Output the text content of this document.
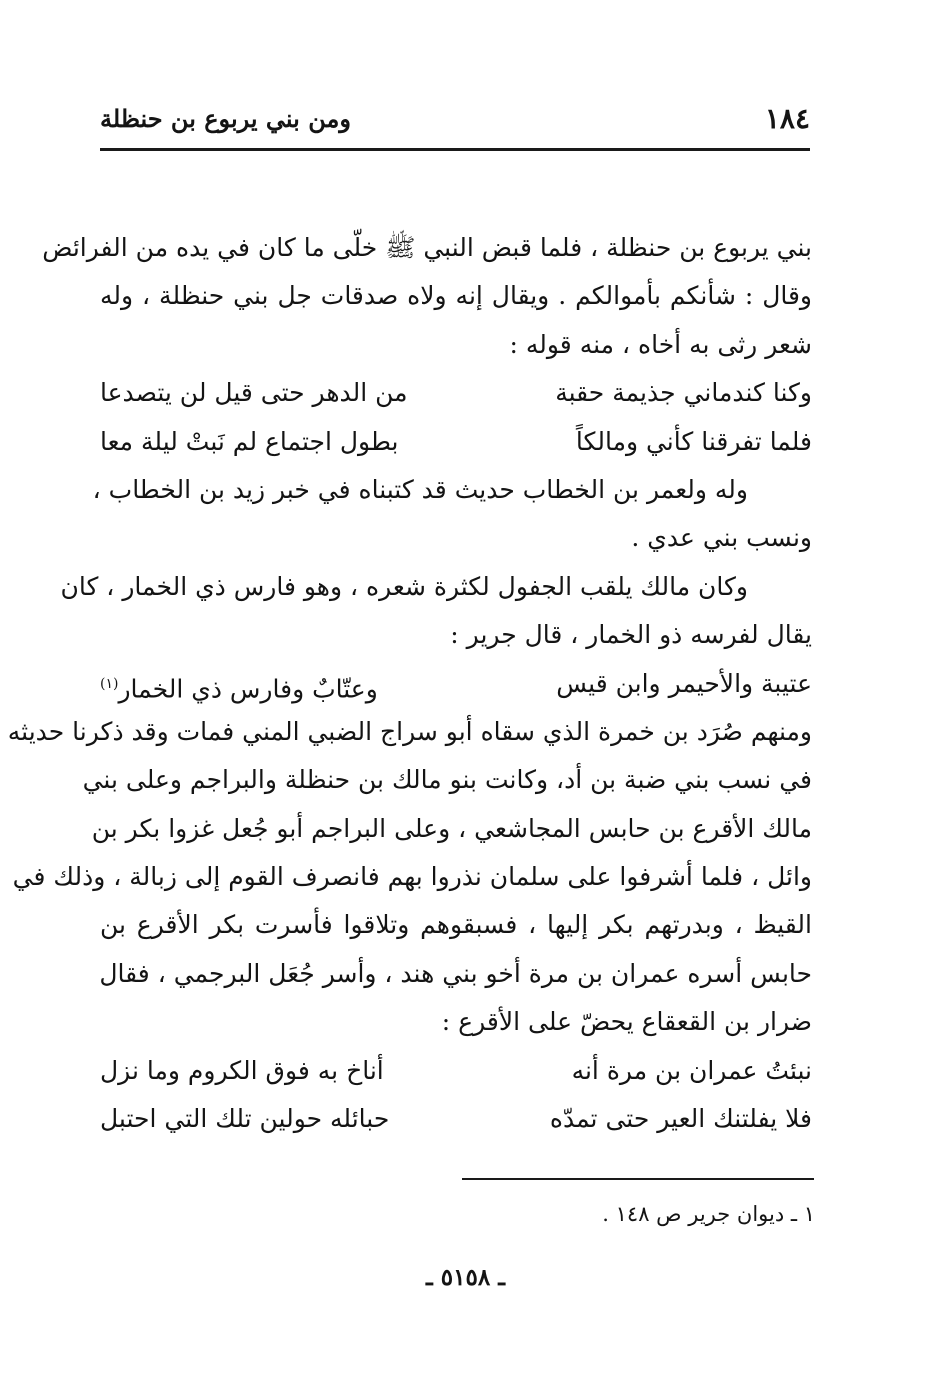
١٨٤
ومن بني يربوع بن حنظلة
بني يربوع بن حنظلة ، فلما قبض النبي ﷺ خلّى ما كان في يده من الفرائض
وقال : شأنكم بأموالكم . ويقال إنه ولاه صدقات جل بني حنظلة ، وله
شعر رثى به أخاه ، منه قوله :
وكنا كندماني جذيمة حقبة
من الدهر حتى قيل لن يتصدعا
فلما تفرقنا كأني ومالكاً
بطول اجتماع لم نَبتْ ليلة معا
وله ولعمر بن الخطاب حديث قد كتبناه في خبر زيد بن الخطاب ،
ونسب بني عدي .
وكان مالك يلقب الجفول لكثرة شعره ، وهو فارس ذي الخمار ، كان
يقال لفرسه ذو الخمار ، قال جرير :
عتيبة والأحيمر وابن قيس
وعتّابٌ وفارس ذي الخمار$^{(١)}$
ومنهم صُرَد بن خمرة الذي سقاه أبو سراج الضبي المني فمات وقد ذكرنا حديثه
في نسب بني ضبة بن أد، وكانت بنو مالك بن حنظلة والبراجم وعلى بني
مالك الأقرع بن حابس المجاشعي ، وعلى البراجم أبو جُعل غزوا بكر بن
وائل ، فلما أشرفوا على سلمان نذروا بهم فانصرف القوم إلى زبالة ، وذلك في
القيظ ، وبدرتهم بكر إليها ، فسبقوهم وتلاقوا فأسرت بكر الأقرع بن
حابس أسره عمران بن مرة أخو بني هند ، وأسر جُعَل البرجمي ، فقال
ضرار بن القعقاع يحضّ على الأقرع :
نبئتُ عمران بن مرة أنه
أناخ به فوق الكروم وما نزل
فلا يفلتنك العير حتى تمدّه
حبائله حولين تلك التي احتبل
١ ـ ديوان جرير ص ١٤٨ .
ـ ٥١٥٨ ـ
